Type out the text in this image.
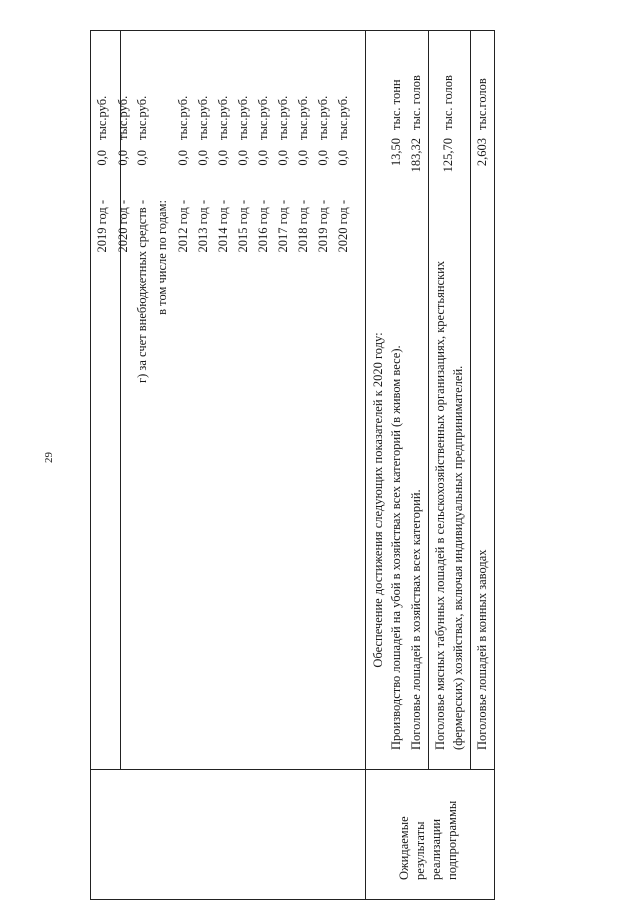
29
2019 год -
0,0
тыс.руб.
2020 год -
0,0
тыс.руб.
г) за счет внебюджетных средств -
0,0
тыс.руб.
в том числе по годам: 2012 год -
0,0
тыс.руб.
2013 год -
0,0
тыс.руб.
2014 год -
0,0
тыс.руб.
2015 год -
0,0
тыс.руб.
2016 год -
0,0
тыс.руб.
2017 год -
0,0
тыс.руб.
2018 год -
0,0
тыс.руб.
2019 год -
0,0
тыс.руб.
2020 год -
0,0
тыс.руб.
Ожидаемые результаты реализации подпрограммы
Обеспечение достижения следующих показателей к 2020 году: Производство лошадей на убой в хозяйствах всех категорий (в живом весе).
13,50
тыс. тонн
Поголовье лошадей в хозяйствах всех категорий.
183,32
тыс. голов
Поголовье мясных табунных лошадей в сельскохозяйственных организациях, крестьянских (фермерских) хозяйствах, включая индивидуальных предпринимателей.
125,70
тыс. голов
Поголовье лошадей в конных заводах
2,603
тыс.голов
